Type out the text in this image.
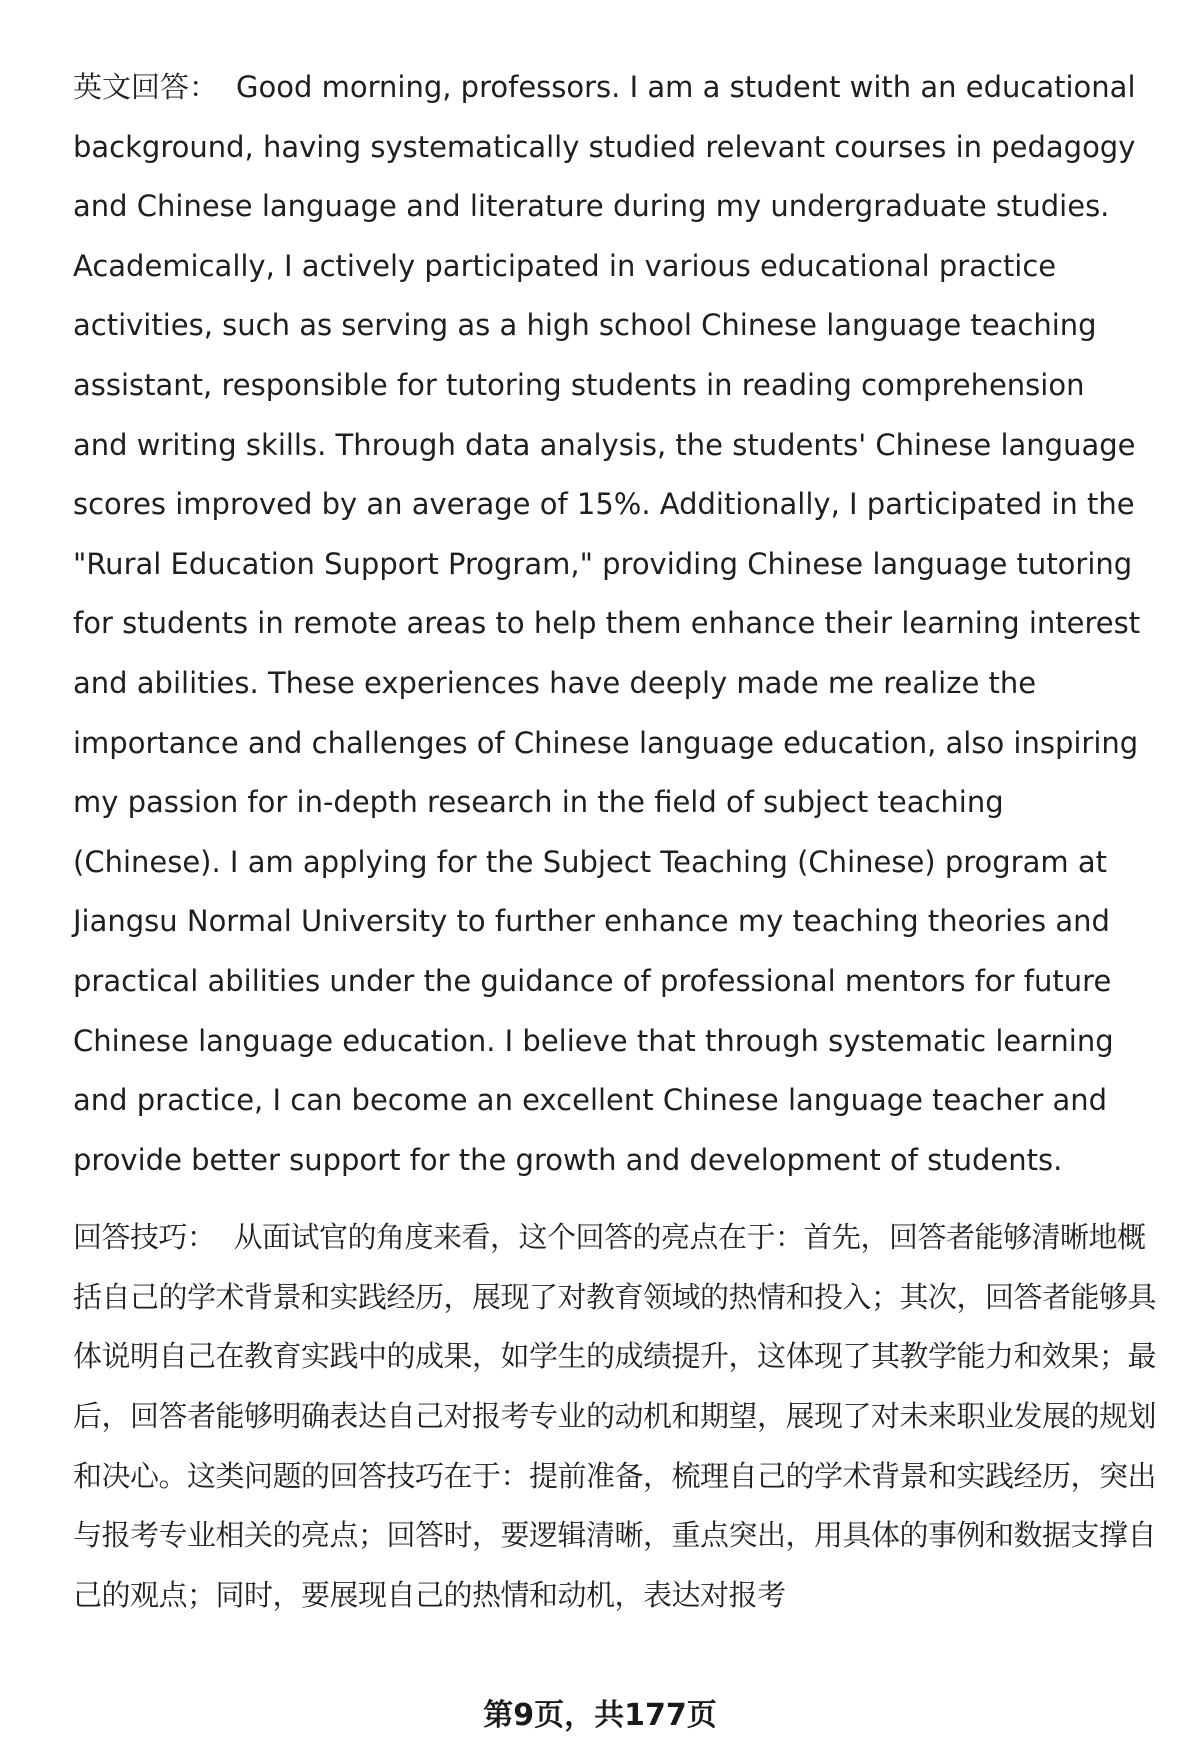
英文回答： Good morning, professors. I am a student with an educational background, having systematically studied relevant courses in pedagogy and Chinese language and literature during my undergraduate studies. Academically, I actively participated in various educational practice activities, such as serving as a high school Chinese language teaching assistant, responsible for tutoring students in reading comprehension and writing skills. Through data analysis, the students' Chinese language scores improved by an average of 15%. Additionally, I participated in the "Rural Education Support Program," providing Chinese language tutoring for students in remote areas to help them enhance their learning interest and abilities. These experiences have deeply made me realize the importance and challenges of Chinese language education, also inspiring my passion for in-depth research in the field of subject teaching (Chinese). I am applying for the Subject Teaching (Chinese) program at Jiangsu Normal University to further enhance my teaching theories and practical abilities under the guidance of professional mentors for future Chinese language education. I believe that through systematic learning and practice, I can become an excellent Chinese language teacher and provide better support for the growth and development of students.

回答技巧： 从面试官的角度来看，这个回答的亮点在于：首先，回答者能够清晰地概括自己的学术背景和实践经历，展现了对教育领域的热情和投入；其次，回答者能够具体说明自己在教育实践中的成果，如学生的成绩提升，这体现了其教学能力和效果；最后，回答者能够明确表达自己对报考专业的动机和期望，展现了对未来职业发展的规划和决心。这类问题的回答技巧在于：提前准备，梳理自己的学术背景和实践经历，突出与报考专业相关的亮点；回答时，要逻辑清晰，重点突出，用具体的事例和数据支撑自己的观点；同时，要展现自己的热情和动机，表达对报考

第9页，共177页
